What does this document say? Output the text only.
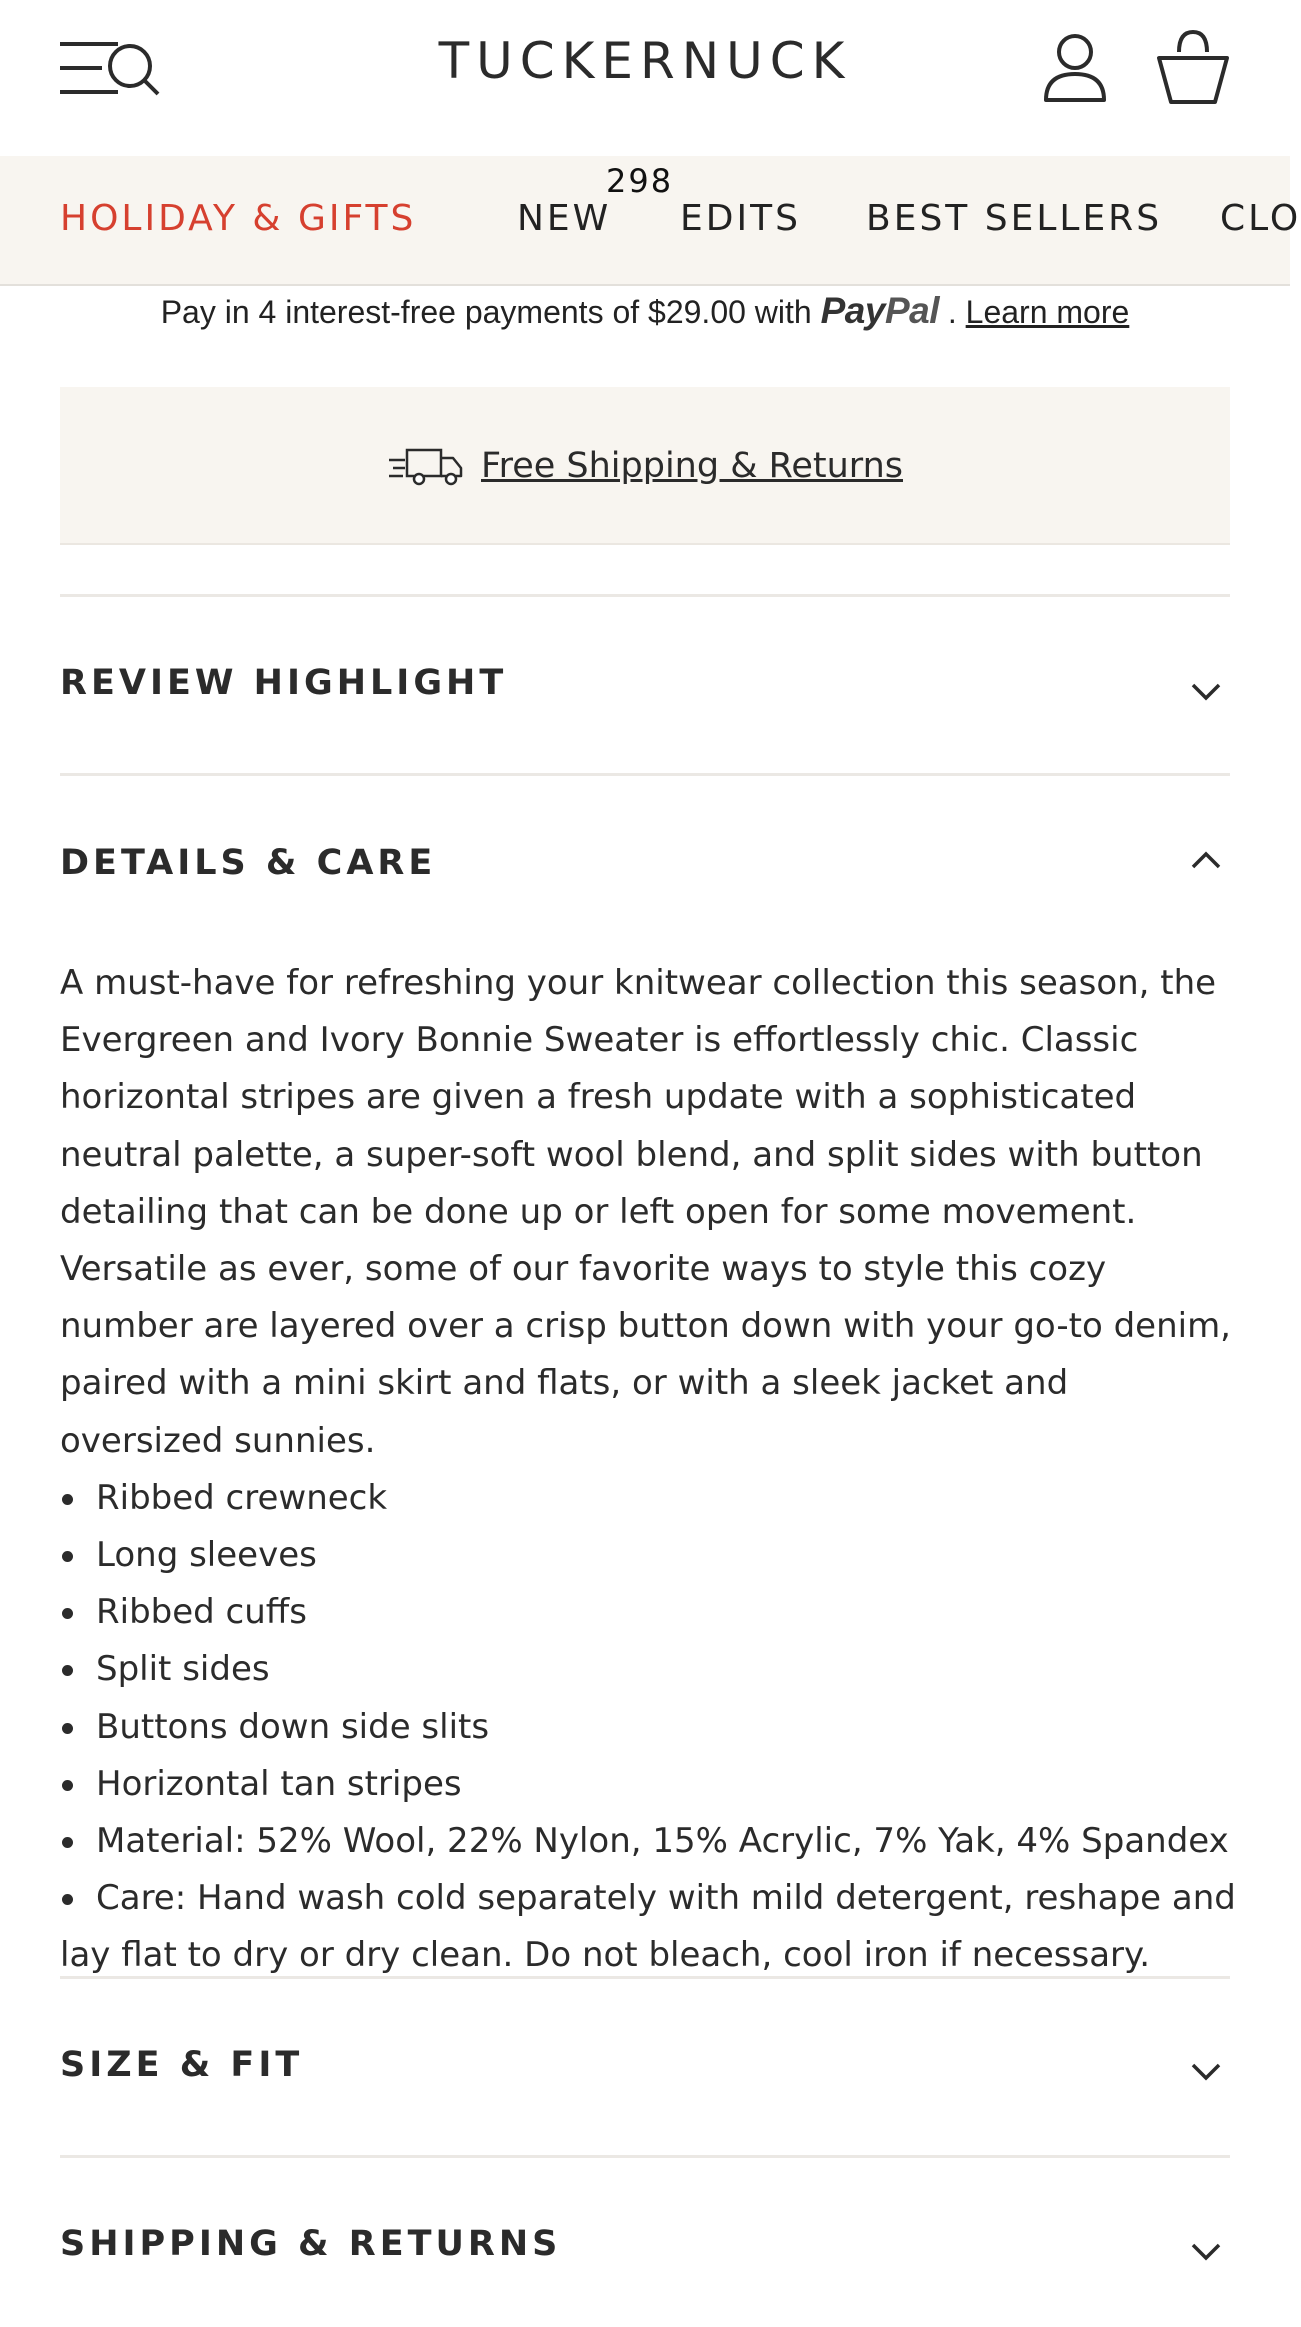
TUCKERNUCK
HOLIDAY & GIFTS	NEW
298
EDITS BEST SELLERS CLO
Pay in 4 interest-free payments of $29.00 with PayPal . Learn more
Free Shipping & Returns
REVIEW HIGHLIGHT
DETAILS & CARE

A must-have for refreshing your knitwear collection this season, the Evergreen and Ivory Bonnie Sweater is effortlessly chic. Classic horizontal stripes are given a fresh update with a sophisticated neutral palette, a super-soft wool blend, and split sides with button detailing that can be done up or left open for some movement. Versatile as ever, some of our favorite ways to style this cozy number are layered over a crisp button down with your go-to denim, paired with a mini skirt and flats, or with a sleek jacket and oversized sunnies.

Ribbed crewneck
Long sleeves
Ribbed cuffs
Split sides
Buttons down side slits
Horizontal tan stripes
Material: 52% Wool, 22% Nylon, 15% Acrylic, 7% Yak, 4% Spandex
Care: Hand wash cold separately with mild detergent, reshape and lay flat to dry or dry clean. Do not bleach, cool iron if necessary.
SIZE & FIT
SHIPPING & RETURNS
